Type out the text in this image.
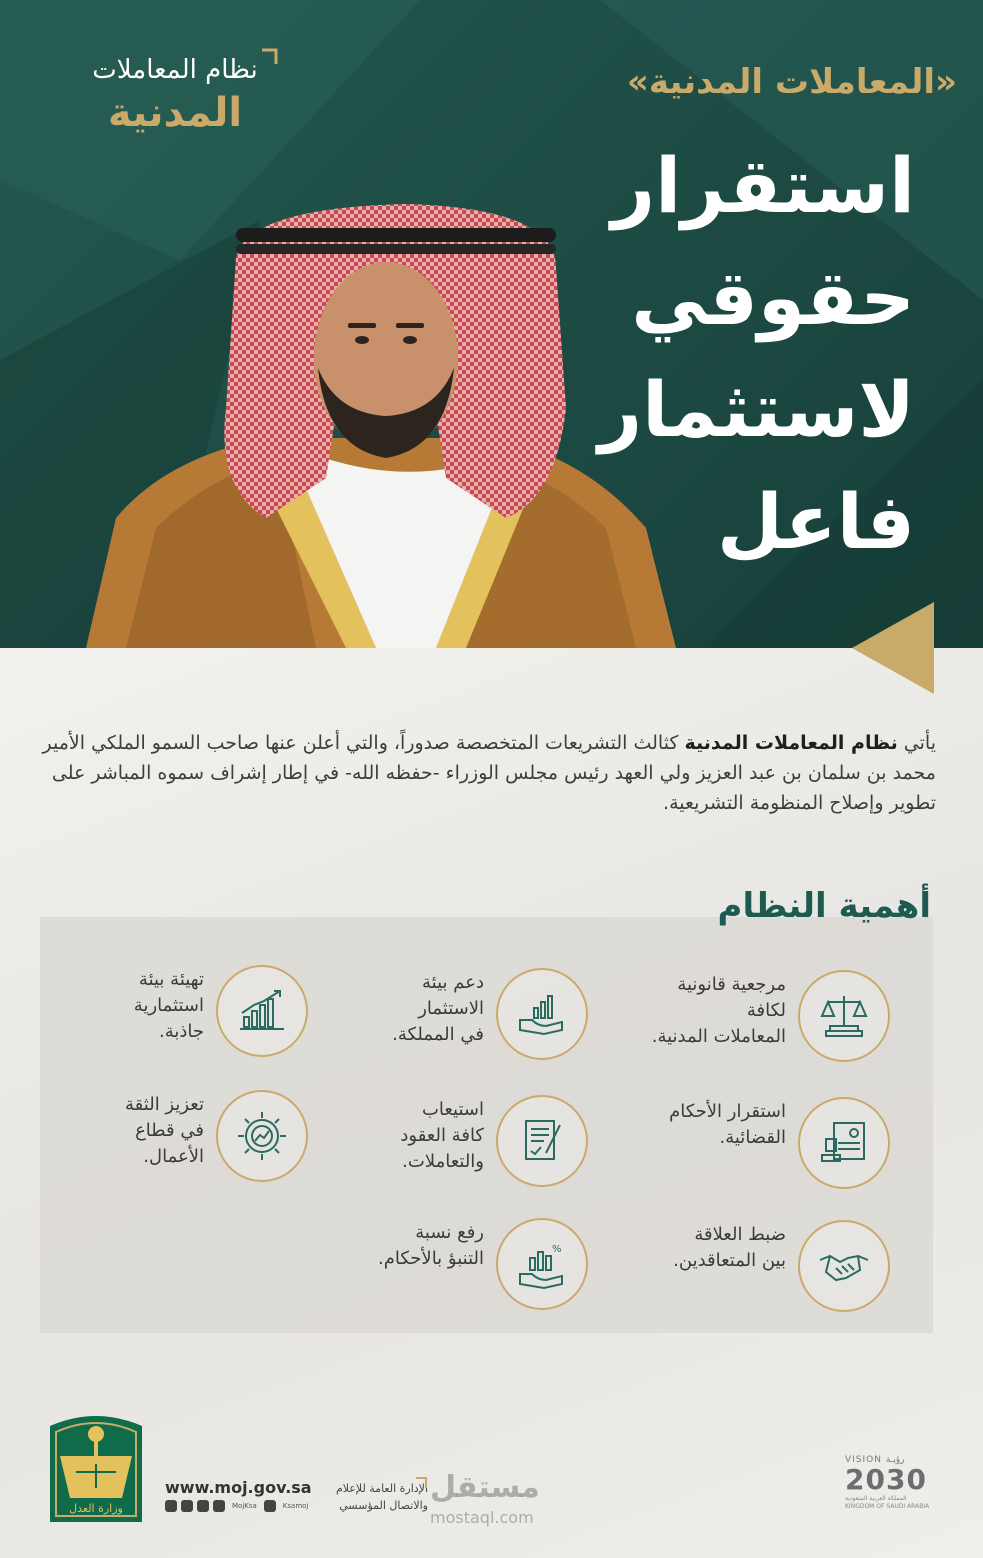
نظام المعاملات
المدنية
«المعاملات المدنية»
استقرار
حقوقي
لاستثمار
فاعل
يأتي نظام المعاملات المدنية كثالث التشريعات المتخصصة صدوراً، والتي أعلن عنها صاحب السمو الملكي الأمير محمد بن سلمان بن عبد العزيز ولي العهد رئيس مجلس الوزراء -حفظه الله- في إطار إشراف سموه المباشر على تطوير وإصلاح المنظومة التشريعية.
أهمية النظام
مرجعية قانونية
لكافة
المعاملات المدنية.
دعم بيئة
الاستثمار
في المملكة.
تهيئة بيئة
استثمارية
جاذبة.
استقرار الأحكام
القضائية.
استيعاب
كافة العقود
والتعاملات.
تعزيز الثقة
في قطاع
الأعمال.
ضبط العلاقة
بين المتعاقدين.
%
رفع نسبة
التنبؤ بالأحكام.
وزارة العدل
www.moj.gov.sa
MojKsa	Ksamoj
الإدارة العامة للإعلام والاتصال المؤسسي
مستقل
mostaql.com
VISION رؤيـة
2030
المملكة العربية السعودية KINGDOM OF SAUDI ARABIA
